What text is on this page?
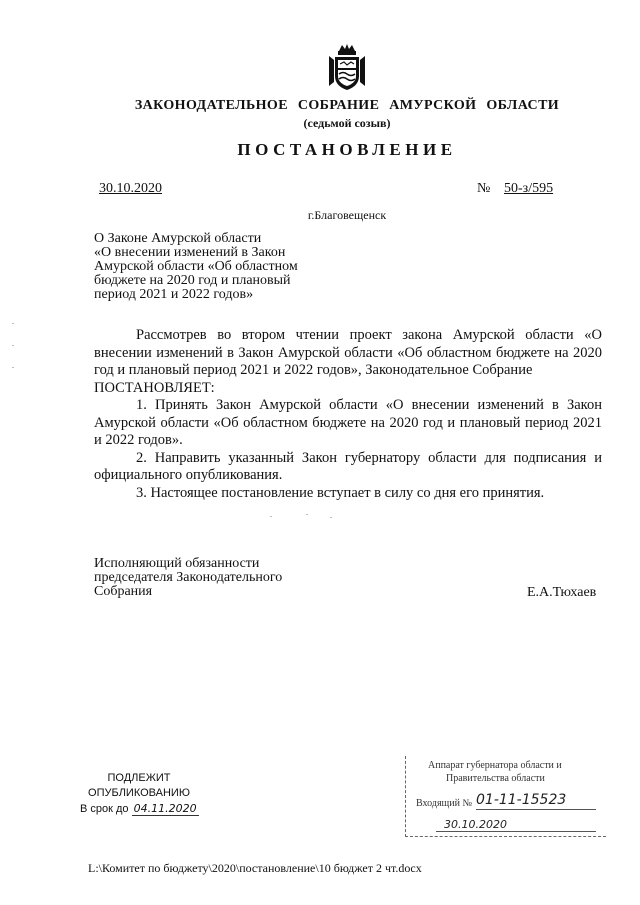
ЗАКОНОДАТЕЛЬНОЕ СОБРАНИЕ АМУРСКОЙ ОБЛАСТИ
(седьмой созыв)
ПОСТАНОВЛЕНИЕ
30.10.2020	№ 50-з/595
г.Благовещенск
О Законе Амурской области
«О внесении изменений в Закон
Амурской области «Об областном
бюджете на 2020 год и плановый
период 2021 и 2022 годов»

Рассмотрев во втором чтении проект закона Амурской области «О внесении изменений в Закон Амурской области «Об областном бюджете на 2020 год и плановый период 2021 и 2022 годов», Законодательное Собрание

ПОСТАНОВЛЯЕТ:

1. Принять Закон Амурской области «О внесении изменений в Закон Амурской области «Об областном бюджете на 2020 год и плановый период 2021 и 2022 годов».

2. Направить указанный Закон губернатору области для подписания и официального опубликования.

3. Настоящее постановление вступает в силу со дня его принятия.

Исполняющий обязанности
председателя Законодательного
Собрания	Е.А.Тюхаев
ПОДЛЕЖИТ
ОПУБЛИКОВАНИЮ
В срок до 04.11.2020
Аппарат губернатора области и
Правительства области
Входящий № 01-11-15523
30.10.2020
L:\Комитет по бюджету\2020\постановление\10 бюджет 2 чт.docx
